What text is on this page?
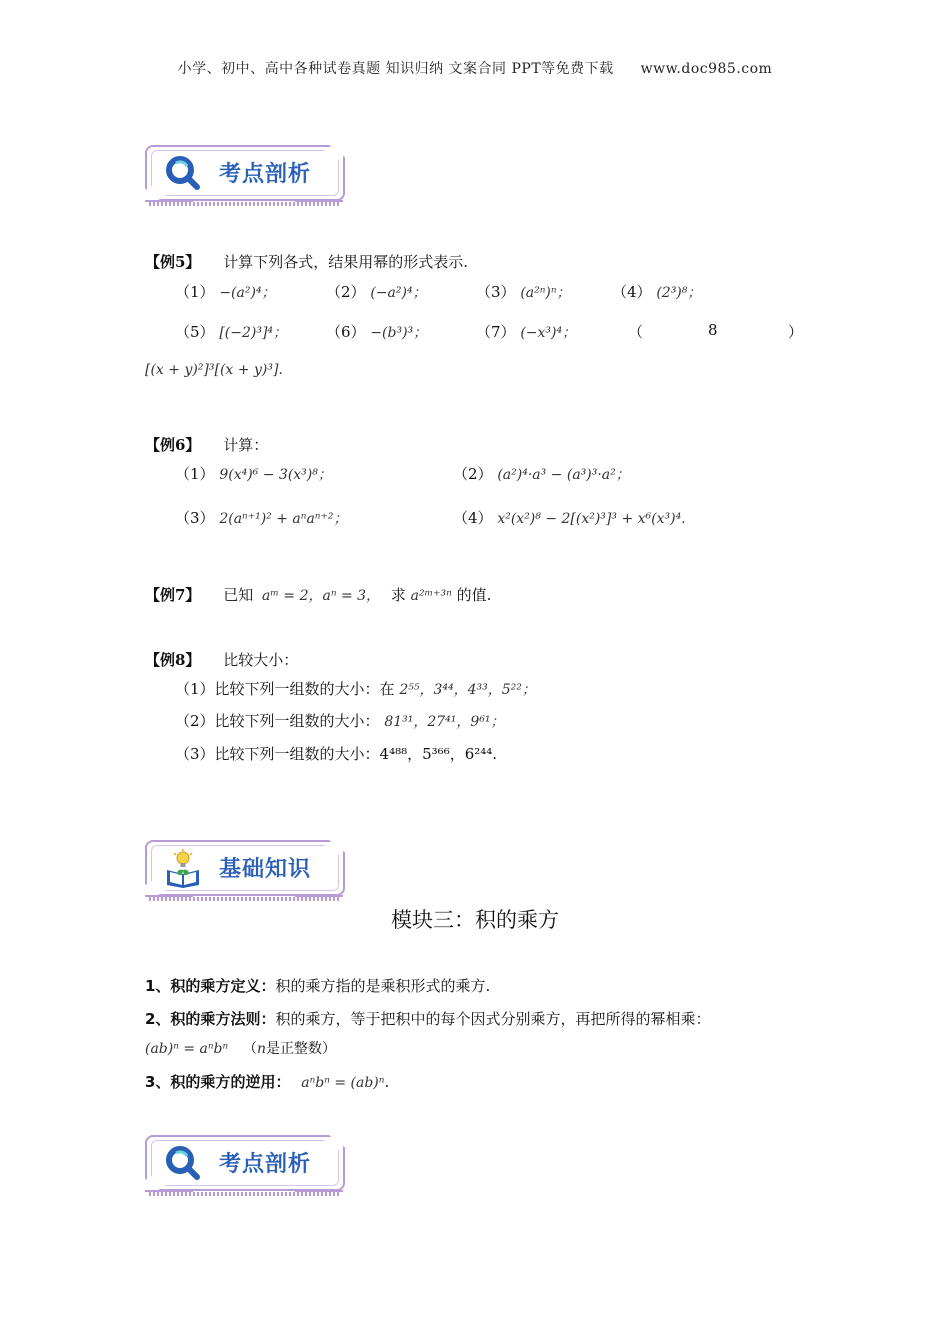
小学、初中、高中各种试卷真题 知识归纳 文案合同 PPT等免费下载 www.doc985.com
考点剖析
【例5】 计算下列各式，结果用幂的形式表示.
（1） −(a²)⁴；	（2） (−a²)⁴；	（3） (a²ⁿ)ⁿ；	（4） (2³)⁸；
（5） [(−2)³]⁴；	（6） −(b³)³；	（7） (−x³)⁴；	（	8	）
[(x + y)²]³[(x + y)³].
【例6】 计算：
（1） 9(x⁴)⁶ − 3(x³)⁸；	（2） (a²)⁴·a³ − (a³)³·a²；
（3） 2(aⁿ⁺¹)² + aⁿaⁿ⁺²；	（4） x²(x²)⁸ − 2[(x²)³]³ + x⁶(x³)⁴.
【例7】 已知 aᵐ = 2，aⁿ = 3， 求 a²ᵐ⁺³ⁿ 的值.
【例8】 比较大小：
（1）比较下列一组数的大小：在 2⁵⁵，3⁴⁴，4³³，5²²；
（2）比较下列一组数的大小： 81³¹，27⁴¹，9⁶¹；
（3）比较下列一组数的大小：4⁴⁸⁸，5³⁶⁶，6²⁴⁴.
基础知识
模块三：积的乘方
1、积的乘方定义：积的乘方指的是乘积形式的乘方.
2、积的乘方法则：积的乘方，等于把积中的每个因式分别乘方，再把所得的幂相乘：
(ab)ⁿ = aⁿbⁿ （n是正整数）
3、积的乘方的逆用： aⁿbⁿ = (ab)ⁿ.
考点剖析
